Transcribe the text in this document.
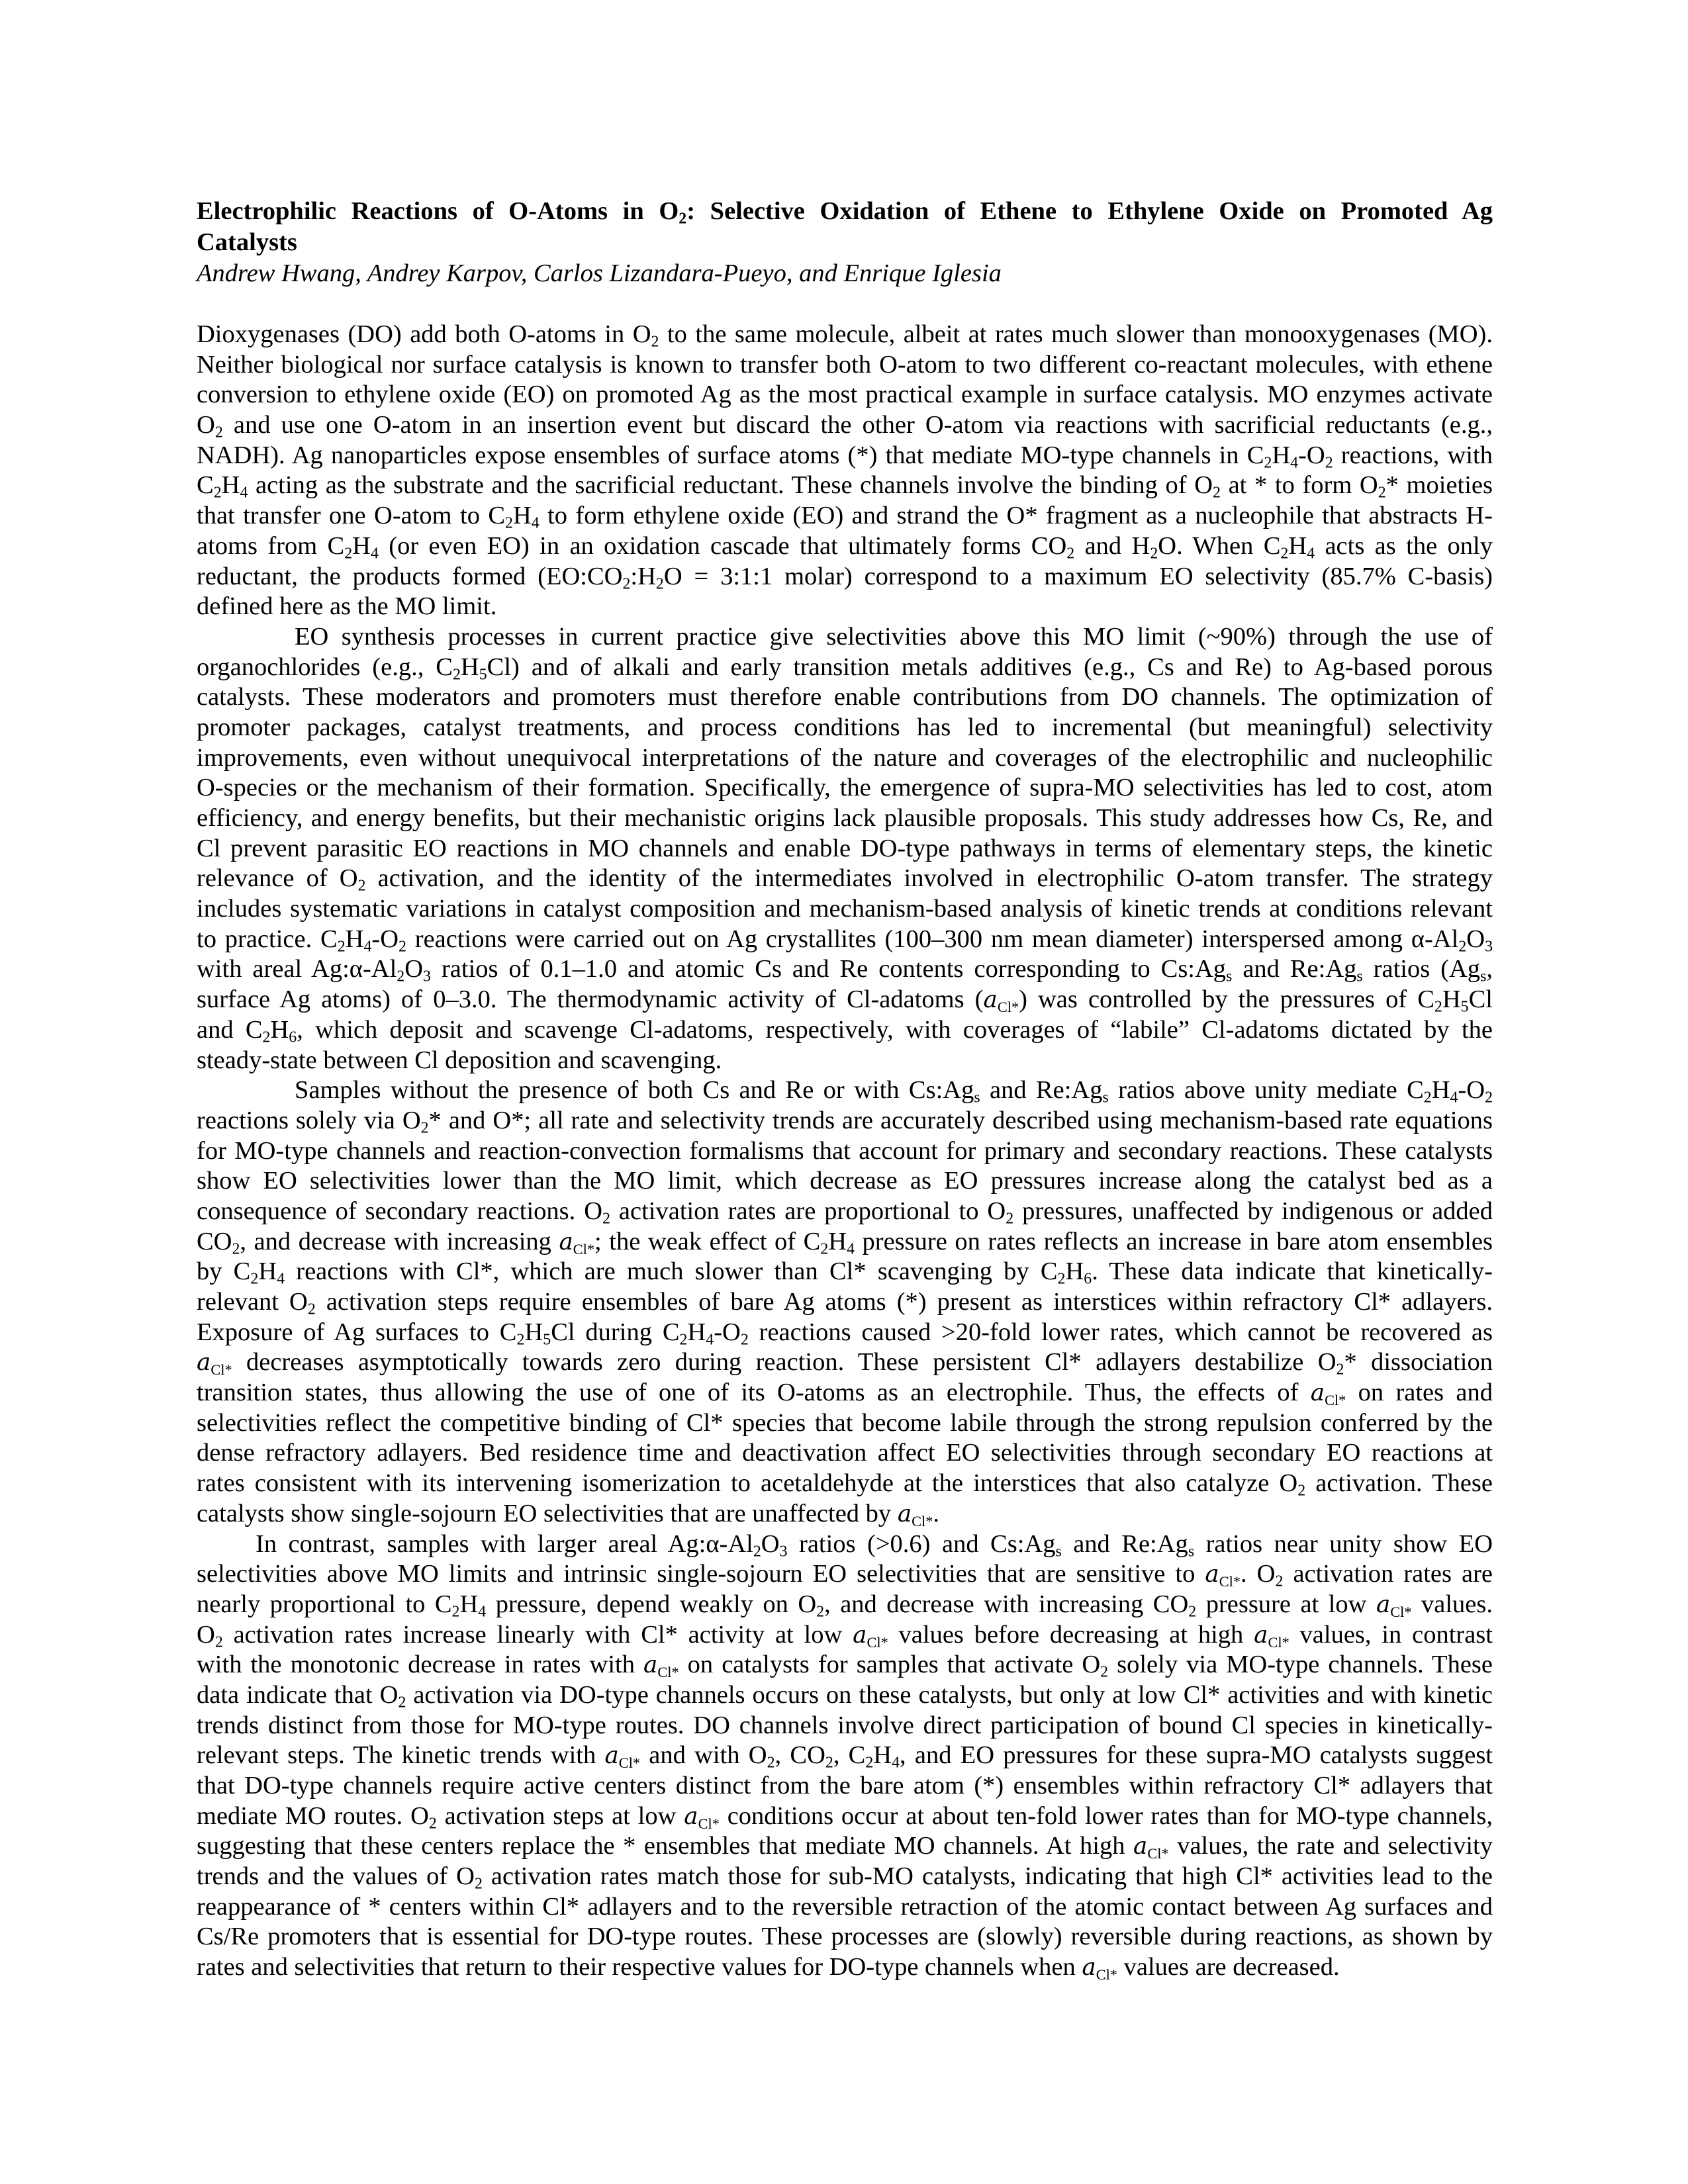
Electrophilic Reactions of O-Atoms in $O_2$: Selective Oxidation of Ethene to Ethylene Oxide on Promoted Ag
Catalysts

Andrew Hwang, Andrey Karpov, Carlos Lizandara-Pueyo, and Enrique Iglesia

Dioxygenases (DO) add both O-atoms in $O_2$ to the same molecule, albeit at rates much slower than monooxygenases (MO).
Neither biological nor surface catalysis is known to transfer both O-atom to two different co-reactant molecules, with ethene
conversion to ethylene oxide (EO) on promoted Ag as the most practical example in surface catalysis. MO enzymes activate
$O_2$ and use one O-atom in an insertion event but discard the other O-atom via reactions with sacrificial reductants (e.g.,
NADH). Ag nanoparticles expose ensembles of surface atoms (*) that mediate MO-type channels in $C_2H_4-O_2$ reactions, with
$C_2H_4$ acting as the substrate and the sacrificial reductant. These channels involve the binding of $O_2$ at * to form $O_2*$ moieties
that transfer one O-atom to $C_2H_4$ to form ethylene oxide (EO) and strand the O* fragment as a nucleophile that abstracts H-
atoms from $C_2H_4$ (or even EO) in an oxidation cascade that ultimately forms $CO_2$ and $H_2O$. When $C_2H_4$ acts as the only
reductant, the products formed ($EO:CO_2:H_2O$ = 3:1:1 molar) correspond to a maximum EO selectivity (85.7% C-basis)
defined here as the MO limit.
EO synthesis processes in current practice give selectivities above this MO limit (~90%) through the use of
organochlorides (e.g., $C_2H_5Cl$) and of alkali and early transition metals additives (e.g., Cs and Re) to Ag-based porous
catalysts. These moderators and promoters must therefore enable contributions from DO channels. The optimization of
promoter packages, catalyst treatments, and process conditions has led to incremental (but meaningful) selectivity
improvements, even without unequivocal interpretations of the nature and coverages of the electrophilic and nucleophilic
O-species or the mechanism of their formation. Specifically, the emergence of supra-MO selectivities has led to cost, atom
efficiency, and energy benefits, but their mechanistic origins lack plausible proposals. This study addresses how Cs, Re, and
Cl prevent parasitic EO reactions in MO channels and enable DO-type pathways in terms of elementary steps, the kinetic
relevance of $O_2$ activation, and the identity of the intermediates involved in electrophilic O-atom transfer. The strategy
includes systematic variations in catalyst composition and mechanism-based analysis of kinetic trends at conditions relevant
to practice. $C_2H_4-O_2$ reactions were carried out on Ag crystallites (100–300 nm mean diameter) interspersed among $\alpha-Al_2O_3$
with areal $Ag:\alpha-Al_2O_3$ ratios of 0.1–1.0 and atomic Cs and Re contents corresponding to $Cs:Ag_s$ and $Re:Ag_s$ ratios ($Ag_s$,
surface Ag atoms) of 0–3.0. The thermodynamic activity of Cl-adatoms (aCl*) was controlled by the pressures of $C_2H_5Cl$
and $C_2H_6$, which deposit and scavenge Cl-adatoms, respectively, with coverages of “labile” Cl-adatoms dictated by the
steady-state between Cl deposition and scavenging.
Samples without the presence of both Cs and Re or with $Cs:Ag_s$ and $Re:Ag_s$ ratios above unity mediate $C_2H_4-O_2$
reactions solely via $O_2*$ and O*; all rate and selectivity trends are accurately described using mechanism-based rate equations
for MO-type channels and reaction-convection formalisms that account for primary and secondary reactions. These catalysts
show EO selectivities lower than the MO limit, which decrease as EO pressures increase along the catalyst bed as a
consequence of secondary reactions. $O_2$ activation rates are proportional to $O_2$ pressures, unaffected by indigenous or added
$CO_2$, and decrease with increasing aCl*; the weak effect of $C_2H_4$ pressure on rates reflects an increase in bare atom ensembles
by $C_2H_4$ reactions with Cl*, which are much slower than Cl* scavenging by $C_2H_6$. These data indicate that kinetically-
relevant $O_2$ activation steps require ensembles of bare Ag atoms (*) present as interstices within refractory Cl* adlayers.
Exposure of Ag surfaces to $C_2H_5Cl$ during $C_2H_4-O_2$ reactions caused >20-fold lower rates, which cannot be recovered as
aCl* decreases asymptotically towards zero during reaction. These persistent Cl* adlayers destabilize $O_2*$ dissociation
transition states, thus allowing the use of one of its O-atoms as an electrophile. Thus, the effects of aCl* on rates and
selectivities reflect the competitive binding of Cl* species that become labile through the strong repulsion conferred by the
dense refractory adlayers. Bed residence time and deactivation affect EO selectivities through secondary EO reactions at
rates consistent with its intervening isomerization to acetaldehyde at the interstices that also catalyze $O_2$ activation. These
catalysts show single-sojourn EO selectivities that are unaffected by aCl*.
In contrast, samples with larger areal $Ag:\alpha-Al_2O_3$ ratios (>0.6) and $Cs:Ag_s$ and $Re:Ag_s$ ratios near unity show EO
selectivities above MO limits and intrinsic single-sojourn EO selectivities that are sensitive to aCl*. $O_2$ activation rates are
nearly proportional to $C_2H_4$ pressure, depend weakly on $O_2$, and decrease with increasing $CO_2$ pressure at low aCl* values.
$O_2$ activation rates increase linearly with Cl* activity at low aCl* values before decreasing at high aCl* values, in contrast
with the monotonic decrease in rates with aCl* on catalysts for samples that activate $O_2$ solely via MO-type channels. These
data indicate that $O_2$ activation via DO-type channels occurs on these catalysts, but only at low Cl* activities and with kinetic
trends distinct from those for MO-type routes. DO channels involve direct participation of bound Cl species in kinetically-
relevant steps. The kinetic trends with aCl* and with $O_2$, $CO_2$, $C_2H_4$, and EO pressures for these supra-MO catalysts suggest
that DO-type channels require active centers distinct from the bare atom (*) ensembles within refractory Cl* adlayers that
mediate MO routes. $O_2$ activation steps at low aCl* conditions occur at about ten-fold lower rates than for MO-type channels,
suggesting that these centers replace the * ensembles that mediate MO channels. At high aCl* values, the rate and selectivity
trends and the values of $O_2$ activation rates match those for sub-MO catalysts, indicating that high Cl* activities lead to the
reappearance of * centers within Cl* adlayers and to the reversible retraction of the atomic contact between Ag surfaces and
Cs/Re promoters that is essential for DO-type routes. These processes are (slowly) reversible during reactions, as shown by
rates and selectivities that return to their respective values for DO-type channels when aCl* values are decreased.
